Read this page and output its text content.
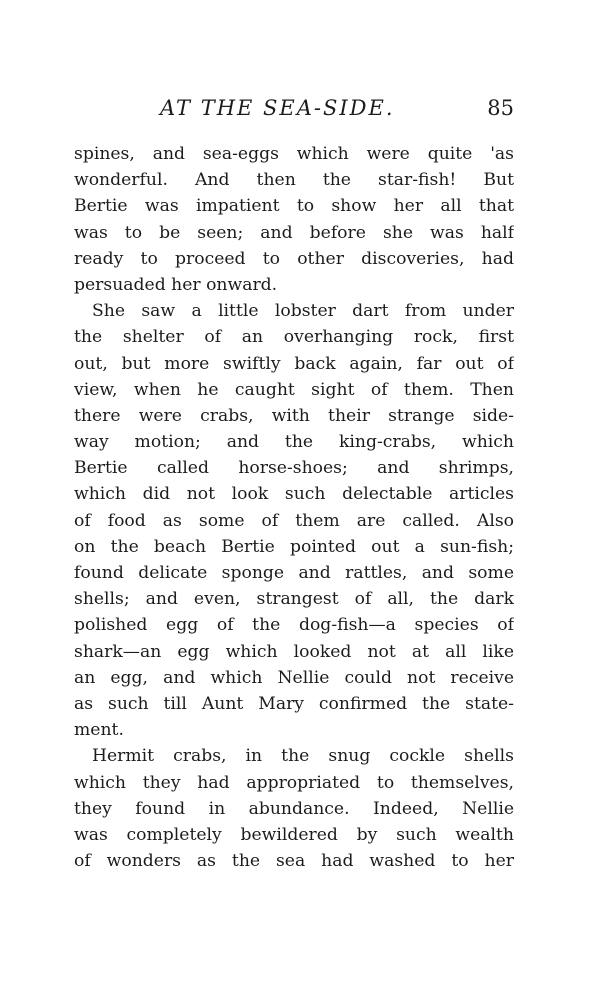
AT THE SEA-SIDE.	85
spines, and sea-eggs which were quite 'as
wonderful. And then the star-fish! But
Bertie was impatient to show her all that
was to be seen; and before she was half
ready to proceed to other discoveries, had
persuaded her onward.
She saw a little lobster dart from under
the shelter of an overhanging rock, first
out, but more swiftly back again, far out of
view, when he caught sight of them. Then
there were crabs, with their strange side-
way motion; and the king-crabs, which
Bertie called horse-shoes; and shrimps,
which did not look such delectable articles
of food as some of them are called. Also
on the beach Bertie pointed out a sun-fish;
found delicate sponge and rattles, and some
shells; and even, strangest of all, the dark
polished egg of the dog-fish—a species of
shark—an egg which looked not at all like
an egg, and which Nellie could not receive
as such till Aunt Mary confirmed the state-
ment.
Hermit crabs, in the snug cockle shells
which they had appropriated to themselves,
they found in abundance. Indeed, Nellie
was completely bewildered by such wealth
of wonders as the sea had washed to her
